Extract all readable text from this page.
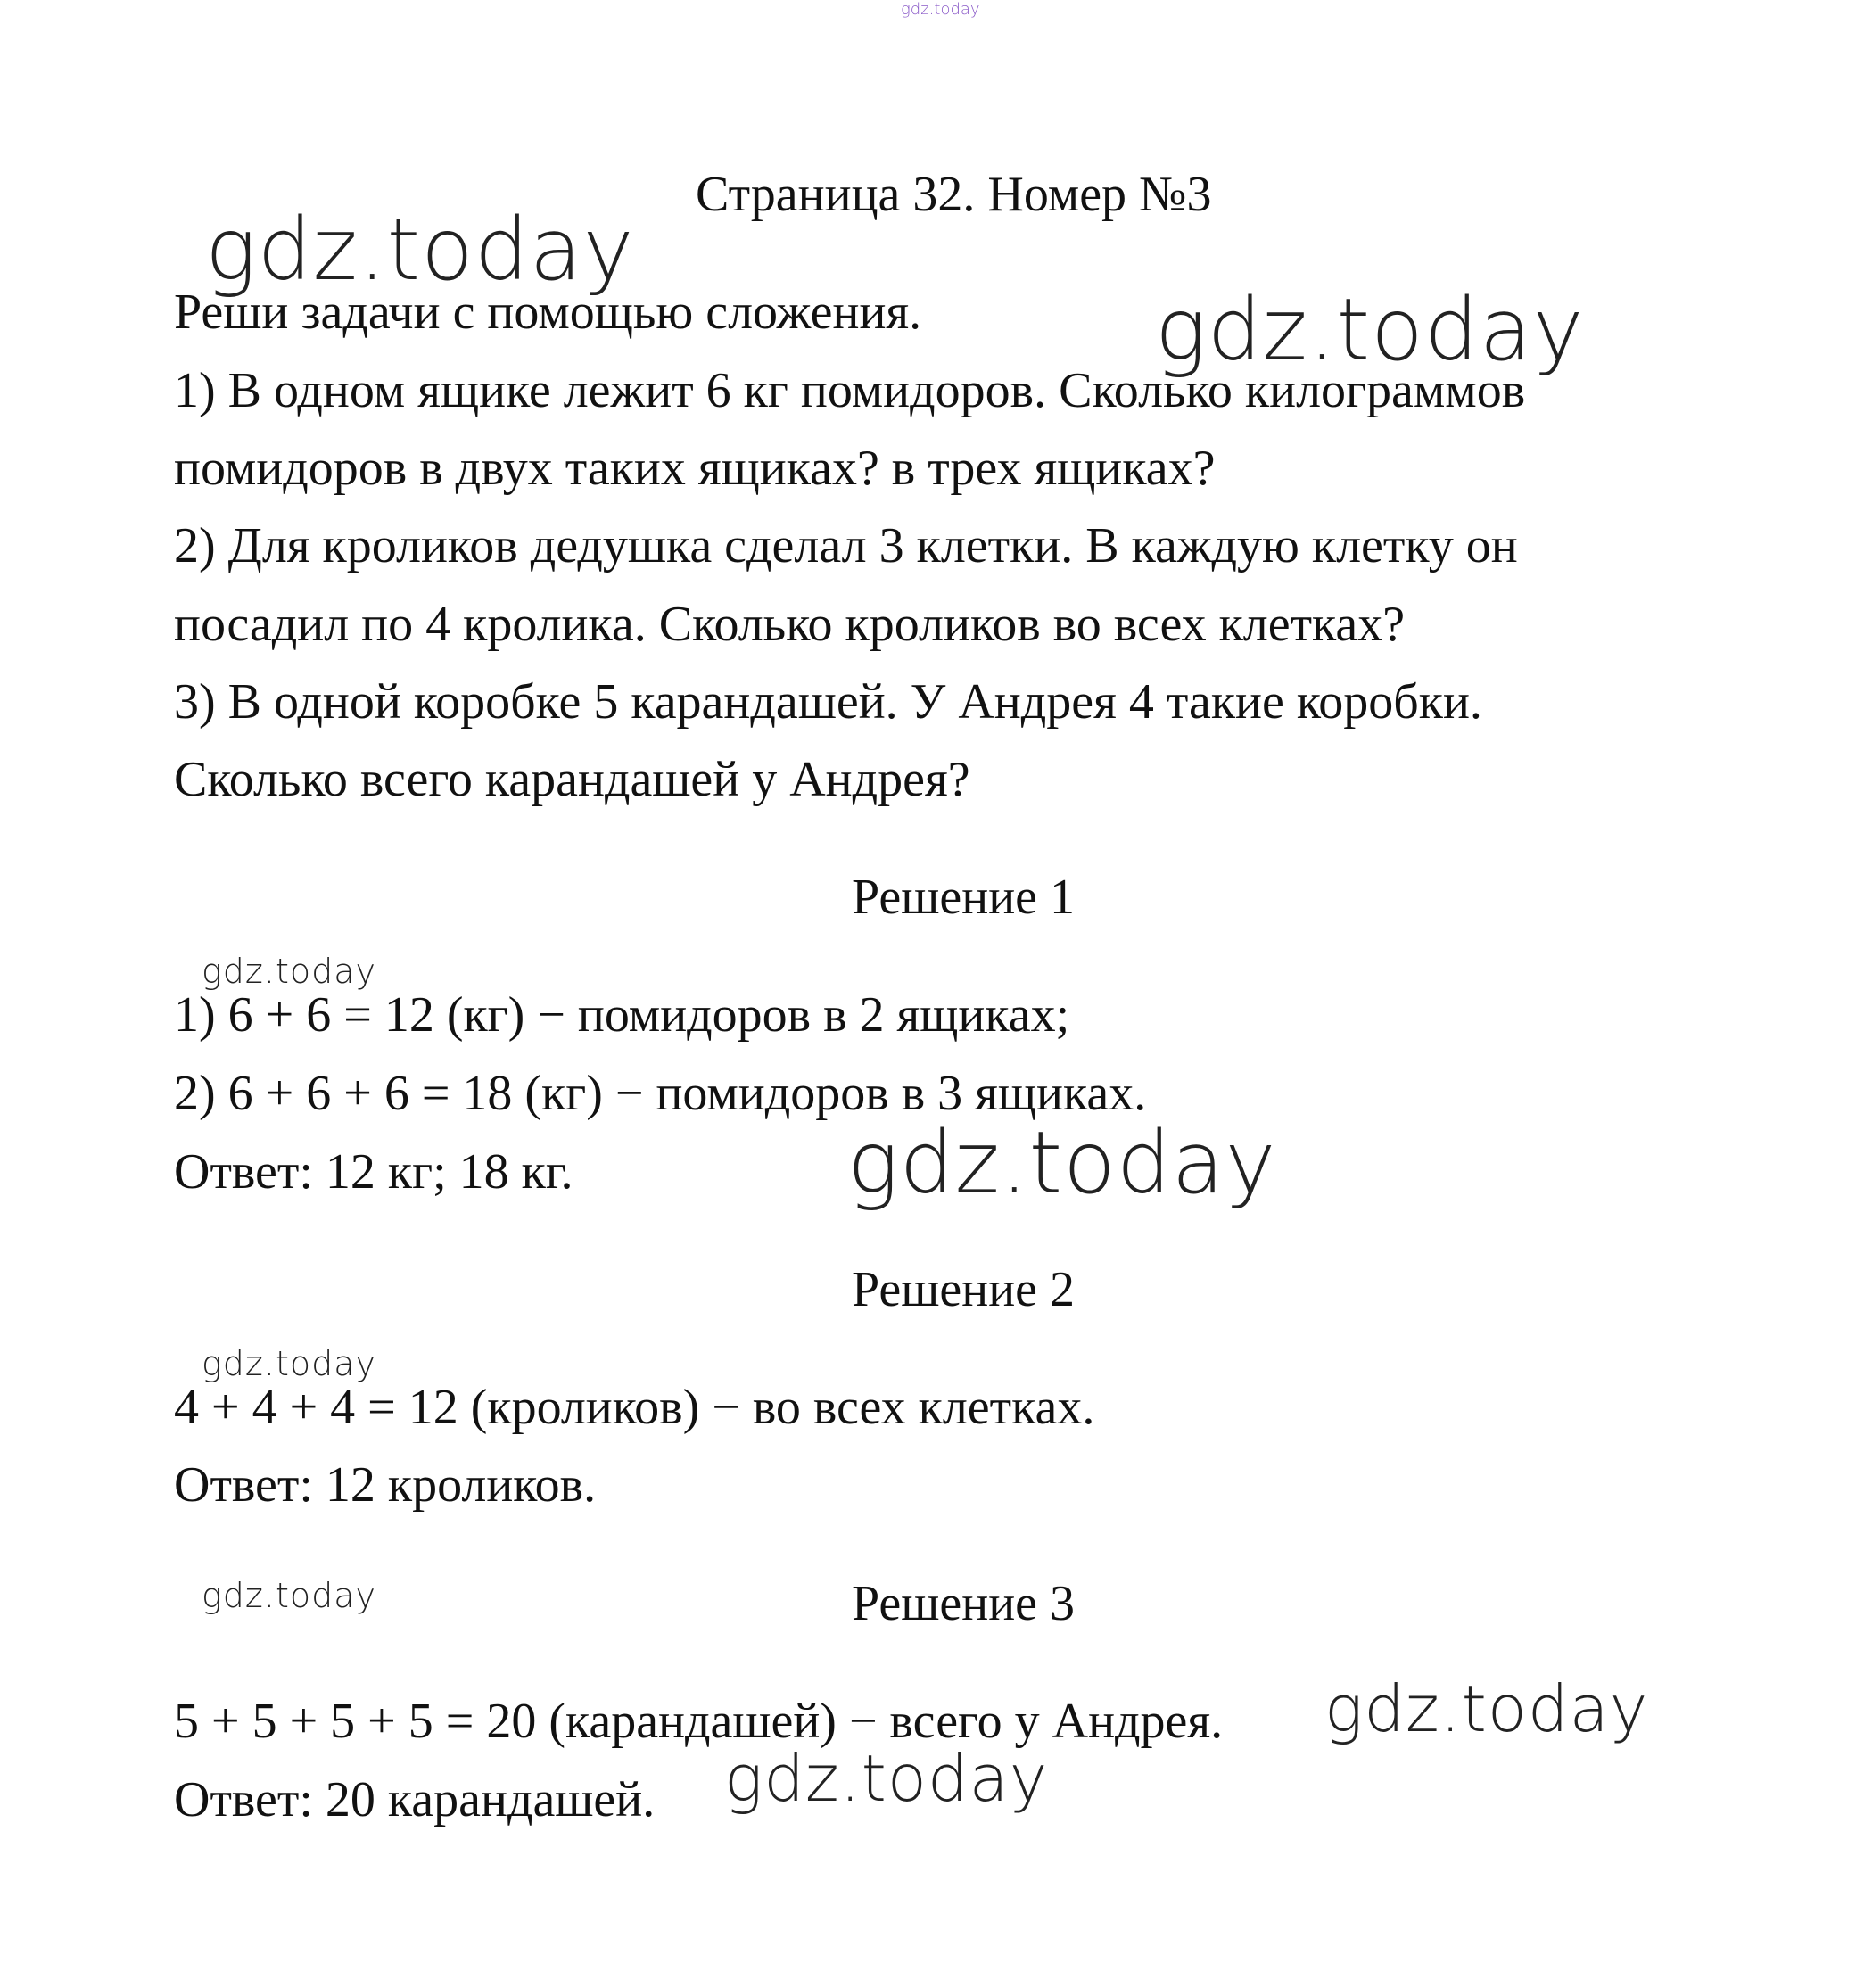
gdz.today
Страница 32. Номер №3
gdz.today
gdz.today
Реши задачи с помощью сложения.
1) В одном ящике лежит 6 кг помидоров. Сколько килограммов
помидоров в двух таких ящиках? в трех ящиках?
2) Для кроликов дедушка сделал 3 клетки. В каждую клетку он
посадил по 4 кролика. Сколько кроликов во всех клетках?
3) В одной коробке 5 карандашей. У Андрея 4 такие коробки.
Сколько всего карандашей у Андрея?
Решение 1
gdz.today
1) 6 + 6 = 12 (кг) − помидоров в 2 ящиках;
2) 6 + 6 + 6 = 18 (кг) − помидоров в 3 ящиках.
Ответ: 12 кг; 18 кг.	gdz.today
Решение 2
gdz.today
4 + 4 + 4 = 12 (кроликов) − во всех клетках.
Ответ: 12 кроликов.
gdz.today	Решение 3
5 + 5 + 5 + 5 = 20 (карандашей) − всего у Андрея. gdz.today
Ответ: 20 карандашей. gdz.today
